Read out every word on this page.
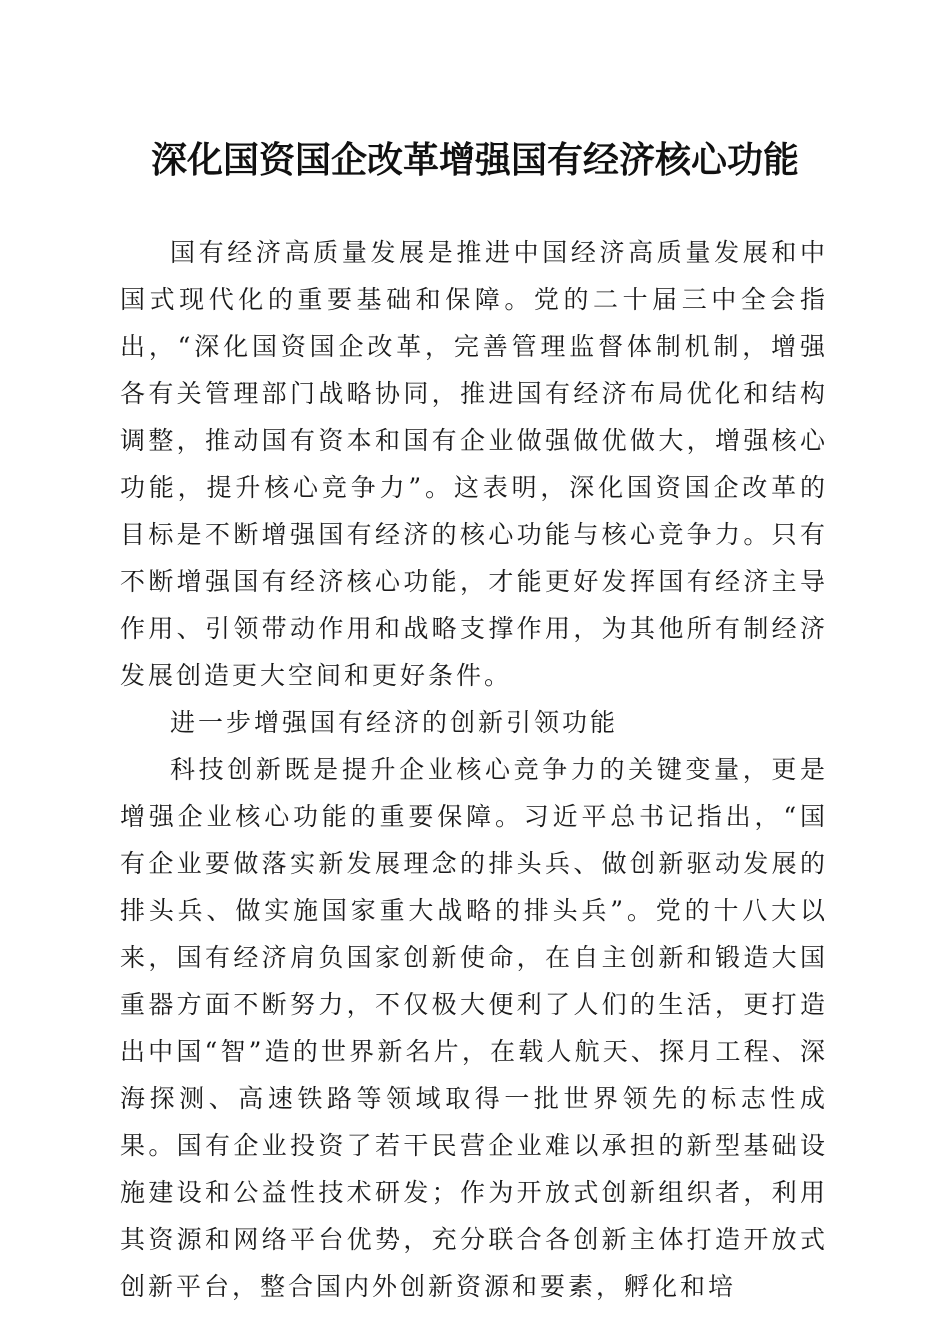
深化国资国企改革增强国有经济核心功能

国有经济高质量发展是推进中国经济高质量发展和中国式现代化的重要基础和保障。党的二十届三中全会指出，“深化国资国企改革，完善管理监督体制机制，增强各有关管理部门战略协同，推进国有经济布局优化和结构调整，推动国有资本和国有企业做强做优做大，增强核心功能，提升核心竞争力”。这表明，深化国资国企改革的目标是不断增强国有经济的核心功能与核心竞争力。只有不断增强国有经济核心功能，才能更好发挥国有经济主导作用、引领带动作用和战略支撑作用，为其他所有制经济发展创造更大空间和更好条件。

进一步增强国有经济的创新引领功能

科技创新既是提升企业核心竞争力的关键变量，更是增强企业核心功能的重要保障。习近平总书记指出，“国有企业要做落实新发展理念的排头兵、做创新驱动发展的排头兵、做实施国家重大战略的排头兵”。党的十八大以来，国有经济肩负国家创新使命，在自主创新和锻造大国重器方面不断努力，不仅极大便利了人们的生活，更打造出中国“智”造的世界新名片，在载人航天、探月工程、深海探测、高速铁路等领域取得一批世界领先的标志性成果。国有企业投资了若干民营企业难以承担的新型基础设施建设和公益性技术研发；作为开放式创新组织者，利用其资源和网络平台优势，充分联合各创新主体打造开放式创新平台，整合国内外创新资源和要素，孵化和培
